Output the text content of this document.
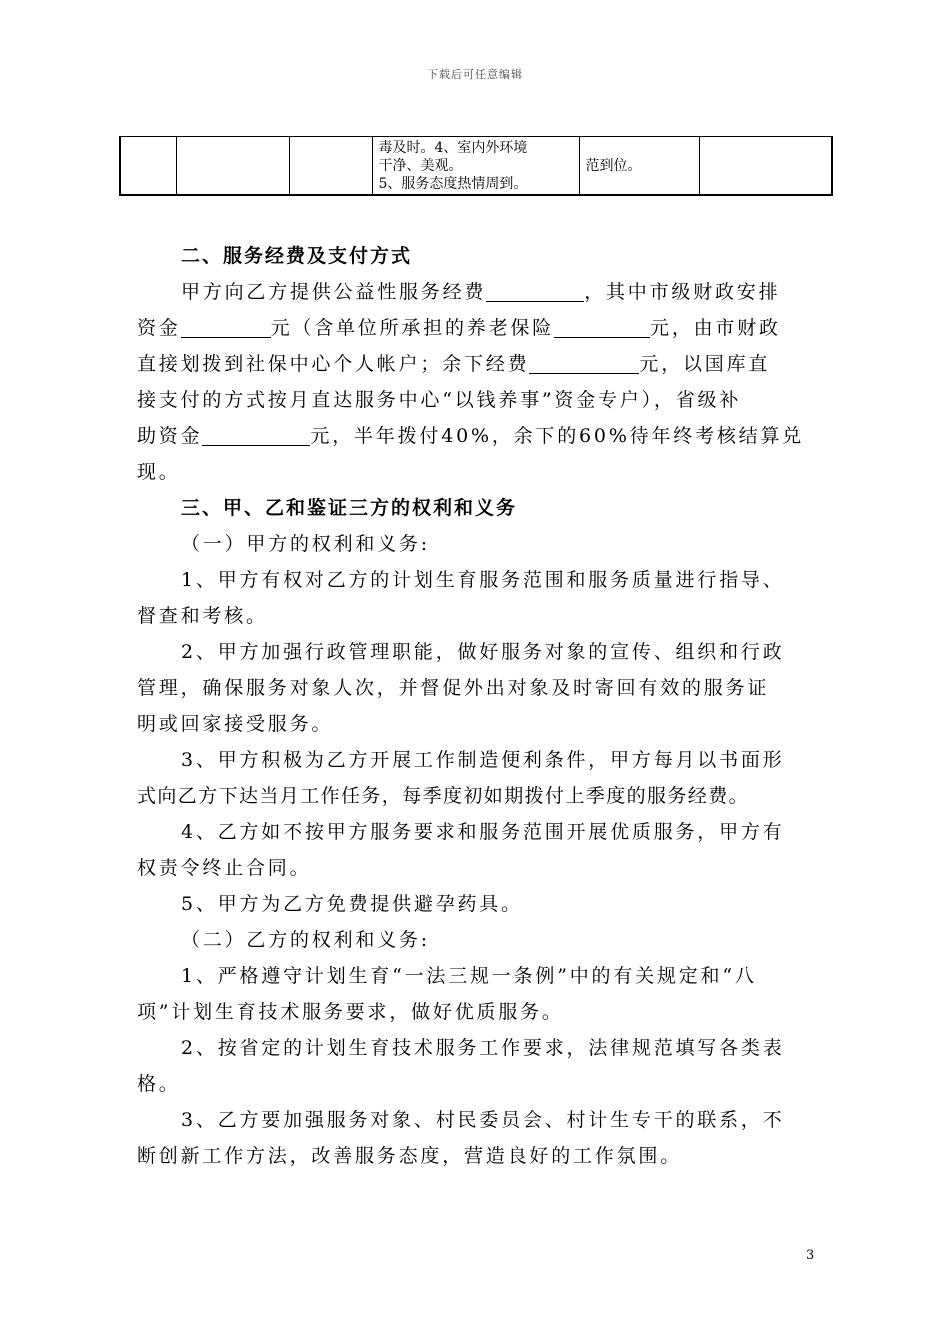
下载后可任意编辑

毒及时。4、室内外环境
干净、美观。
5、服务态度热情周到。
	范到位。	

二、服务经费及支付方式

甲方向乙方提供公益性服务经费	，其中市级财政安排

资金	元（含单位所承担的养老保险	元，由市财政

直接划拨到社保中心个人帐户；余下经费	元，以国库直

接支付的方式按月直达服务中心“以钱养事”资金专户），省级补

助资金	元，半年拨付40%，余下的60%待年终考核结算兑

现。

三、甲、乙和鉴证三方的权利和义务

（一）甲方的权利和义务:

1、甲方有权对乙方的计划生育服务范围和服务质量进行指导、

督查和考核。

2、甲方加强行政管理职能，做好服务对象的宣传、组织和行政

管理，确保服务对象人次，并督促外出对象及时寄回有效的服务证

明或回家接受服务。

3、甲方积极为乙方开展工作制造便利条件，甲方每月以书面形

式向乙方下达当月工作任务，每季度初如期拨付上季度的服务经费。

4、乙方如不按甲方服务要求和服务范围开展优质服务，甲方有

权责令终止合同。

5、甲方为乙方免费提供避孕药具。

（二）乙方的权利和义务:

1、严格遵守计划生育“一法三规一条例”中的有关规定和“八

项”计划生育技术服务要求，做好优质服务。

2、按省定的计划生育技术服务工作要求，法律规范填写各类表

格。

3、乙方要加强服务对象、村民委员会、村计生专干的联系，不

断创新工作方法，改善服务态度，营造良好的工作氛围。

3
